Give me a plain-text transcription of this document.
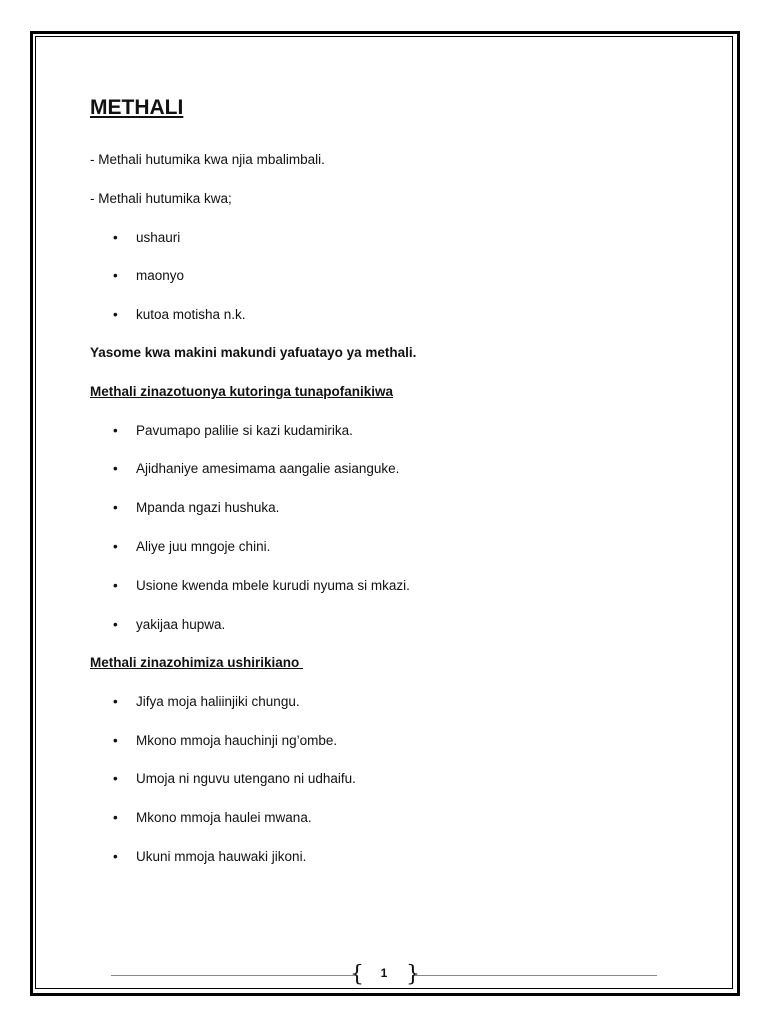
METHALI

- Methali hutumika kwa njia mbalimbali.

- Methali hutumika kwa;

• ushauri
• maonyo
• kutoa motisha n.k.

Yasome kwa makini makundi yafuatayo ya methali.

Methali zinazotuonya kutoringa tunapofanikiwa

• Pavumapo palilie si kazi kudamirika.
• Ajidhaniye amesimama aangalie asianguke.
• Mpanda ngazi hushuka.
• Aliye juu mngoje chini.
• Usione kwenda mbele kurudi nyuma si mkazi.
• yakijaa hupwa.

Methali zinazohimiza ushirikiano

• Jifya moja haliinjiki chungu.
• Mkono mmoja hauchinji ng’ombe.
• Umoja ni nguvu utengano ni udhaifu.
• Mkono mmoja haulei mwana.
• Ukuni mmoja hauwaki jikoni.
{ }
1
